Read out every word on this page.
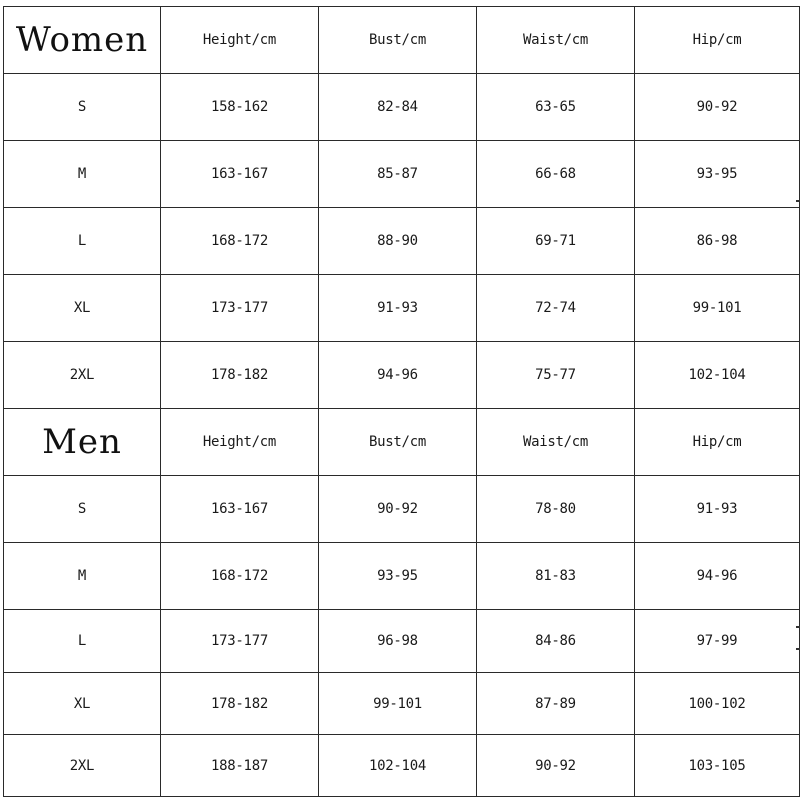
Women	Height/cm	Bust/cm	Waist/cm	Hip/cm
S	158-162	82-84	63-65	90-92
M	163-167	85-87	66-68	93-95
L	168-172	88-90	69-71	86-98
XL	173-177	91-93	72-74	99-101
2XL	178-182	94-96	75-77	102-104
Men	Height/cm	Bust/cm	Waist/cm	Hip/cm
S	163-167	90-92	78-80	91-93
M	168-172	93-95	81-83	94-96
L	173-177	96-98	84-86	97-99
XL	178-182	99-101	87-89	100-102
2XL	188-187	102-104	90-92	103-105
